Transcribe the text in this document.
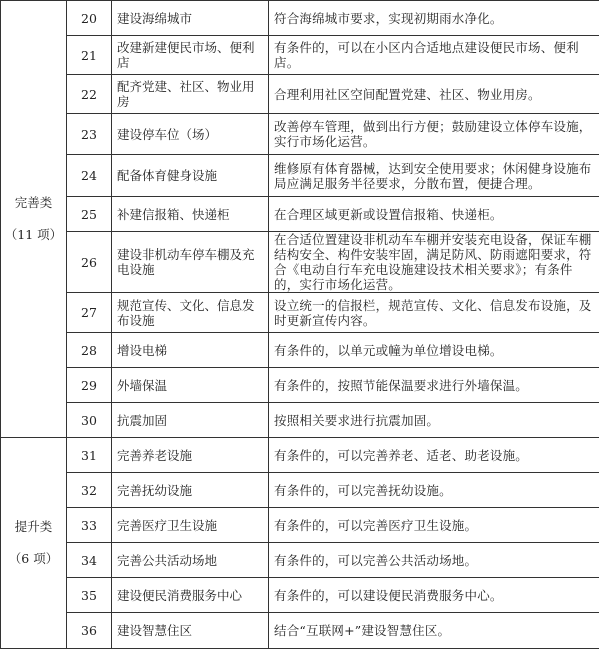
完善类
（11 项）	20	建设海绵城市	符合海绵城市要求，实现初期雨水净化。
	21	改建新建便民市场、便利店	有条件的，可以在小区内合适地点建设便民市场、便利店。
	22	配齐党建、社区、物业用房	合理利用社区空间配置党建、社区、物业用房。
	23	建设停车位（场）	改善停车管理，做到出行方便；鼓励建设立体停车设施，实行市场化运营。
	24	配备体育健身设施	维修原有体育器械，达到安全使用要求；休闲健身设施布局应满足服务半径要求，分散布置，便捷合理。
	25	补建信报箱、快递柜	在合理区域更新或设置信报箱、快递柜。
	26	建设非机动车停车棚及充电设施	在合适位置建设非机动车车棚并安装充电设备，保证车棚结构安全、构件安装牢固，满足防风、防雨遮阳要求，符合《电动自行车充电设施建设技术相关要求》；有条件的，实行市场化运营。
	27	规范宣传、文化、信息发布设施	设立统一的信报栏，规范宣传、文化、信息发布设施，及时更新宣传内容。
	28	增设电梯	有条件的，以单元或幢为单位增设电梯。
	29	外墙保温	有条件的，按照节能保温要求进行外墙保温。
	30	抗震加固	按照相关要求进行抗震加固。

提升类
（6 项）	31	完善养老设施	有条件的，可以完善养老、适老、助老设施。
	32	完善抚幼设施	有条件的，可以完善抚幼设施。
	33	完善医疗卫生设施	有条件的，可以完善医疗卫生设施。
	34	完善公共活动场地	有条件的，可以完善公共活动场地。
	35	建设便民消费服务中心	有条件的，可以建设便民消费服务中心。
	36	建设智慧住区	结合“互联网+”建设智慧住区。
